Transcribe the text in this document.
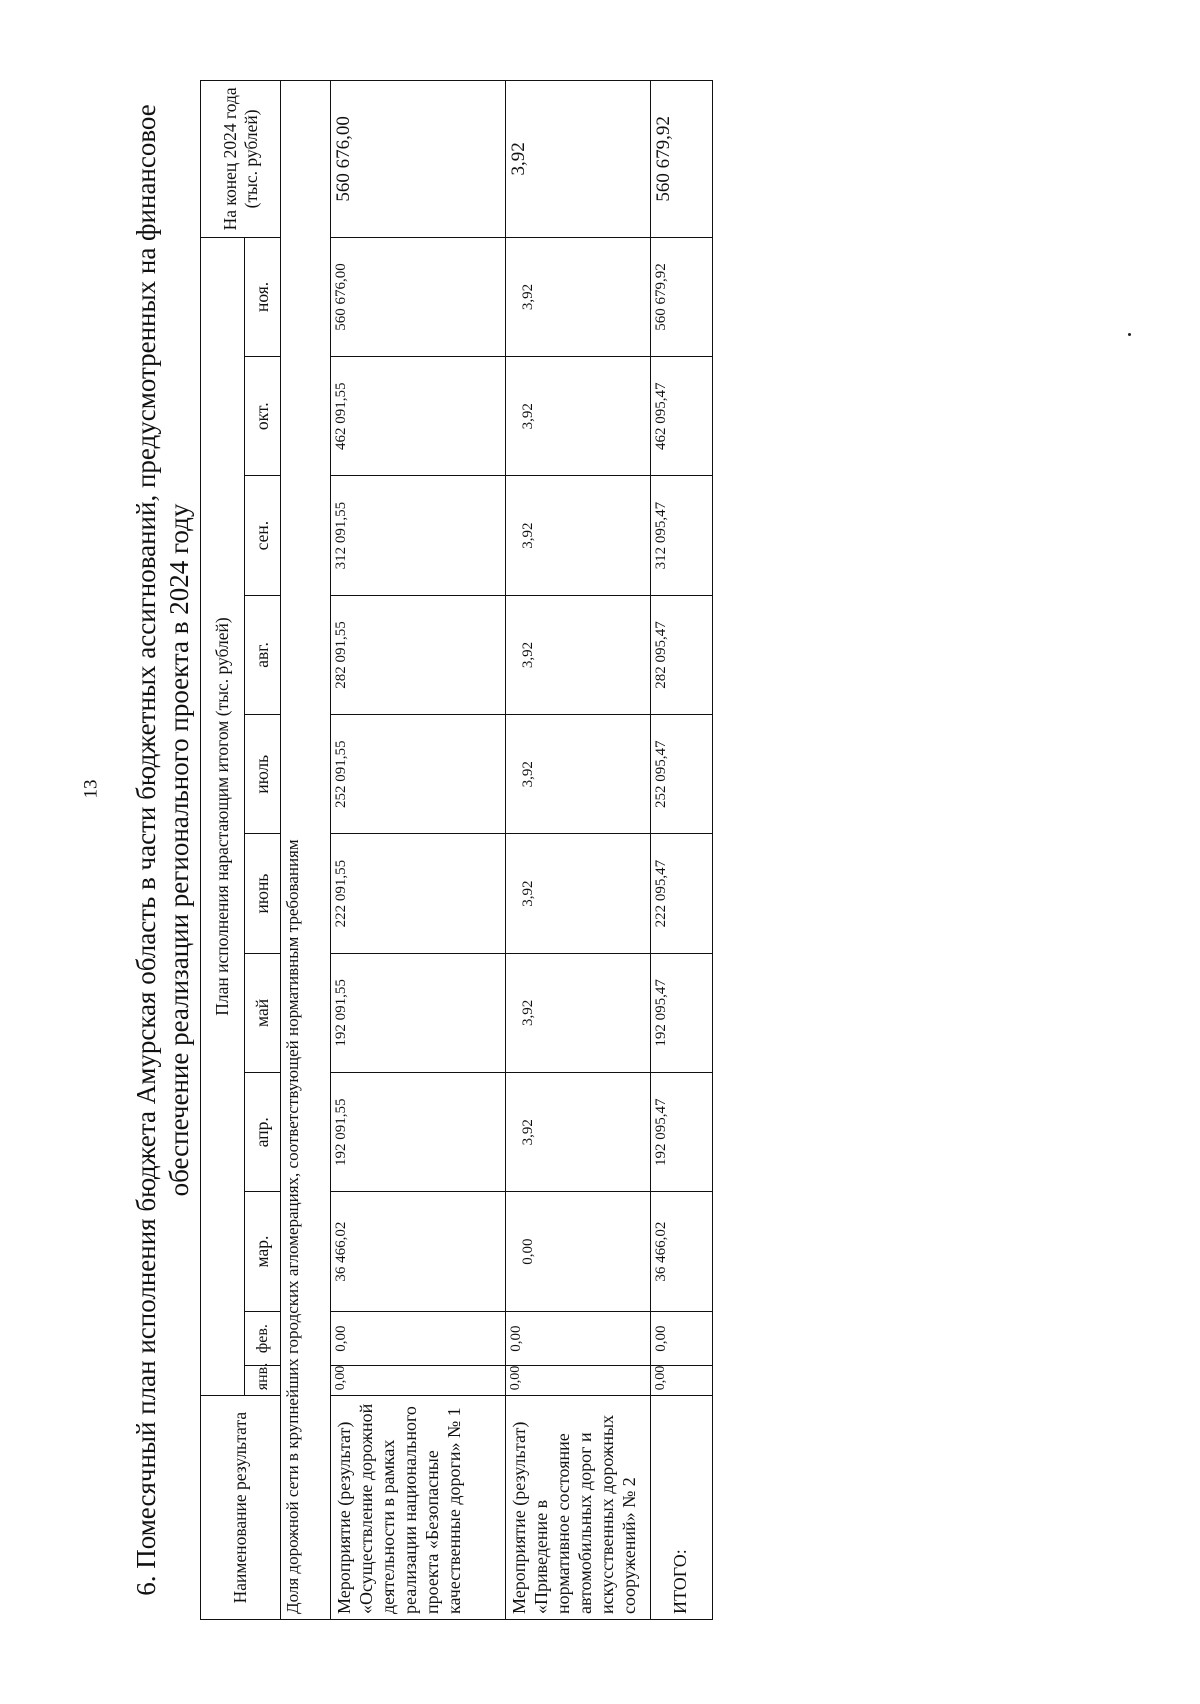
13 6. Помесячный план исполнения бюджета Амурская область в части бюджетных ассигнований, предусмотренных на финансовое обеспечение реализации регионального проекта в 2024 году
Наименование результата	План исполнения нарастающим итогом (тыс. рублей)											На конец 2024 года (тыс. рублей)
	янв.	фев.	мар.	апр.	май	июнь	июль	авг.	сен.	окт.	ноя.	
Доля дорожной сети в крупнейших городских агломерациях, соответствующей нормативным требованиям												
Мероприятие (результат) «Осуществление дорожной деятельности в рамках реализации национального проекта «Безопасные качественные дороги» № 1	0,00	0,00	36 466,02	192 091,55	192 091,55	222 091,55	252 091,55	282 091,55	312 091,55	462 091,55	560 676,00	560 676,00
Мероприятие (результат) «Приведение в нормативное состояние автомобильных дорог и искусственных дорожных сооружений» № 2	0,00	0,00	0,00	3,92	3,92	3,92	3,92	3,92	3,92	3,92	3,92	3,92
ИТОГО:	0,00	0,00	36 466,02	192 095,47	192 095,47	222 095,47	252 095,47	282 095,47	312 095,47	462 095,47	560 679,92	560 679,92
